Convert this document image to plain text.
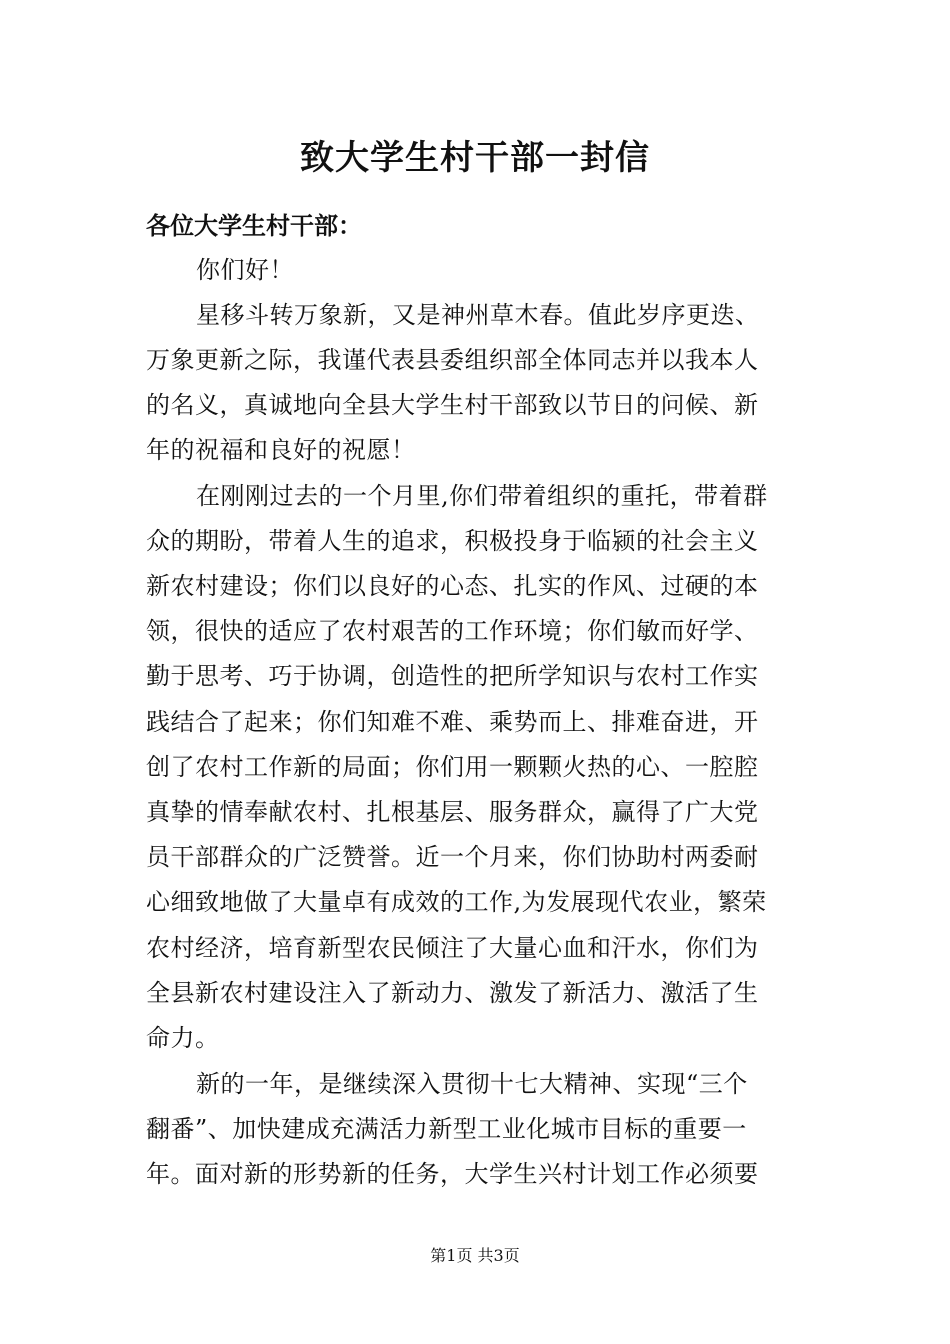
致大学生村干部一封信
各位大学生村干部：
你们好！
星移斗转万象新，又是神州草木春。值此岁序更迭、
万象更新之际，我谨代表县委组织部全体同志并以我本人
的名义，真诚地向全县大学生村干部致以节日的问候、新
年的祝福和良好的祝愿！
在刚刚过去的一个月里,你们带着组织的重托，带着群
众的期盼，带着人生的追求，积极投身于临颍的社会主义
新农村建设；你们以良好的心态、扎实的作风、过硬的本
领，很快的适应了农村艰苦的工作环境；你们敏而好学、
勤于思考、巧于协调，创造性的把所学知识与农村工作实
践结合了起来；你们知难不难、乘势而上、排难奋进，开
创了农村工作新的局面；你们用一颗颗火热的心、一腔腔
真挚的情奉献农村、扎根基层、服务群众，赢得了广大党
员干部群众的广泛赞誉。近一个月来，你们协助村两委耐
心细致地做了大量卓有成效的工作,为发展现代农业，繁荣
农村经济，培育新型农民倾注了大量心血和汗水，你们为
全县新农村建设注入了新动力、激发了新活力、激活了生
命力。
新的一年，是继续深入贯彻十七大精神、实现“三个
翻番”、加快建成充满活力新型工业化城市目标的重要一
年。面对新的形势新的任务，大学生兴村计划工作必须要
第1页 共3页
